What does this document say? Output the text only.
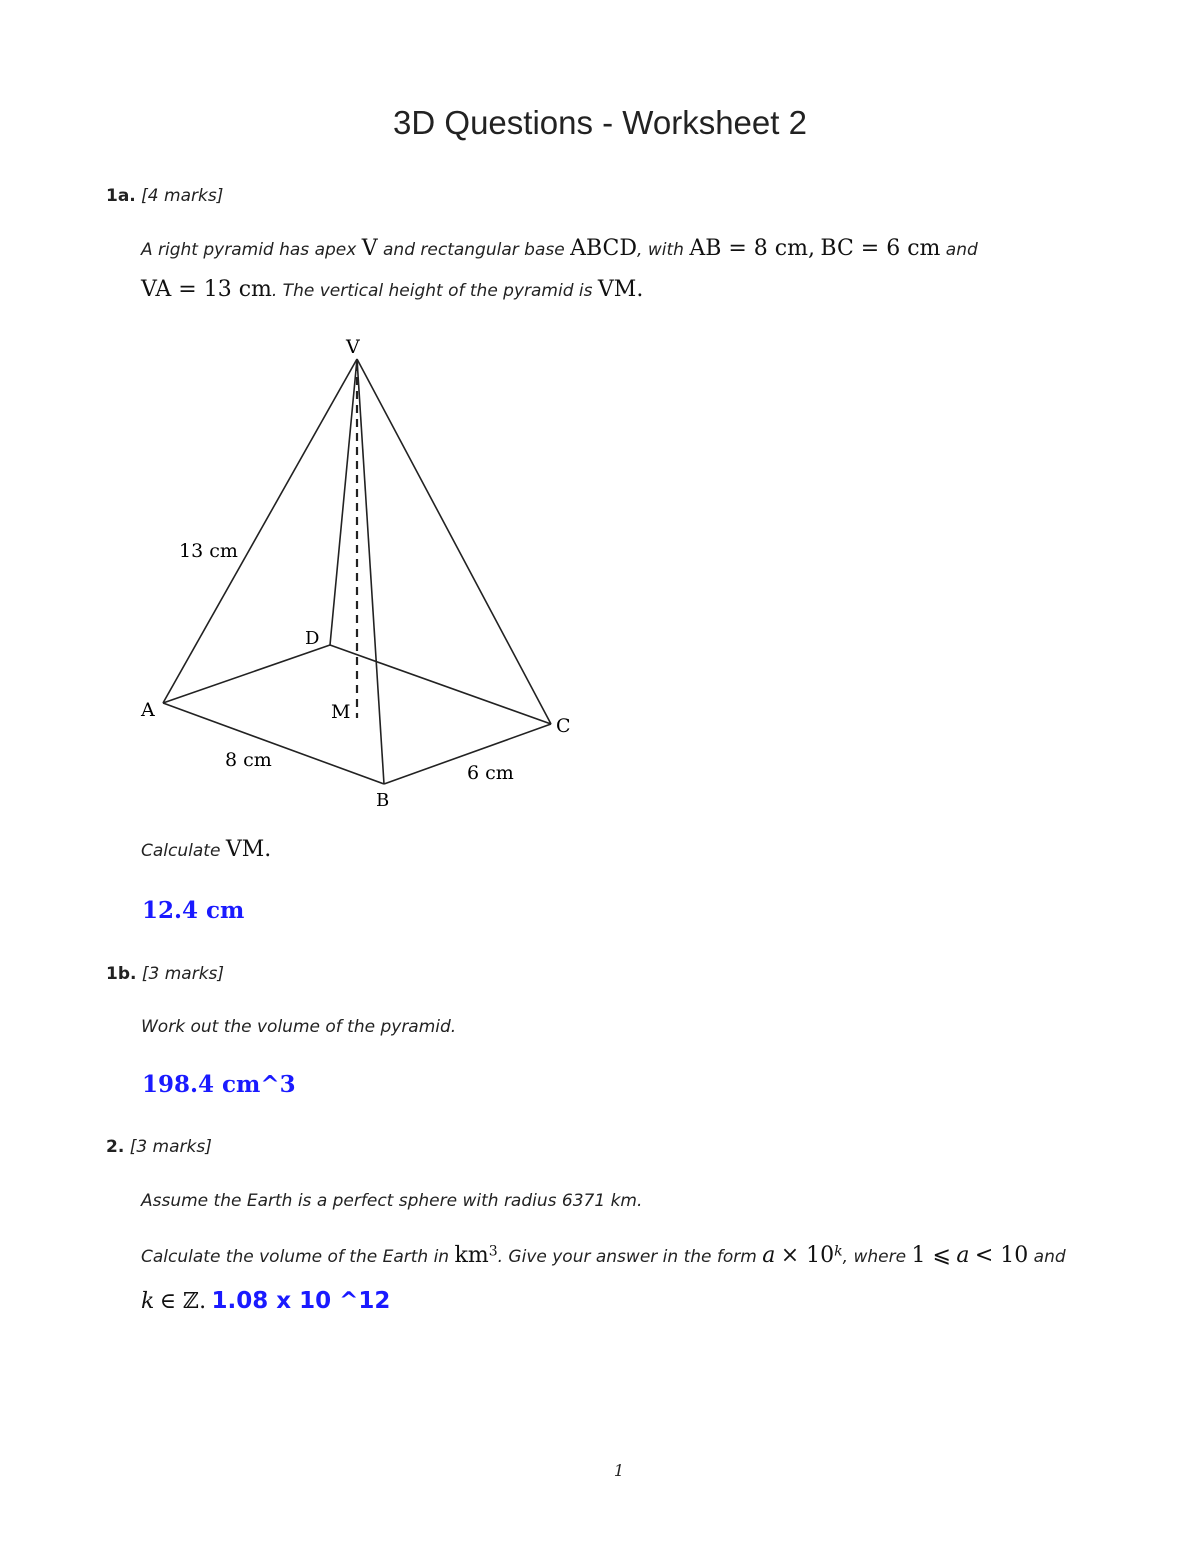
3D Questions - Worksheet 2
1a. [4 marks]
A right pyramid has apex V and rectangular base ABCD, with AB = 8 cm, BC = 6 cm and
VA = 13 cm. The vertical height of the pyramid is VM.
V
D
A	M
C
B
13 cm
8 cm
6 cm
Calculate VM.
12.4 cm
1b. [3 marks]
Work out the volume of the pyramid.
198.4 cm^3
2. [3 marks]
Assume the Earth is a perfect sphere with radius 6371 km.
Calculate the volume of the Earth in $km^3$. Give your answer in the form $a \times 10^k$, where 1 ⩽ a < 10 and
k ∈ ℤ. 1.08 x 10 ^12
1
